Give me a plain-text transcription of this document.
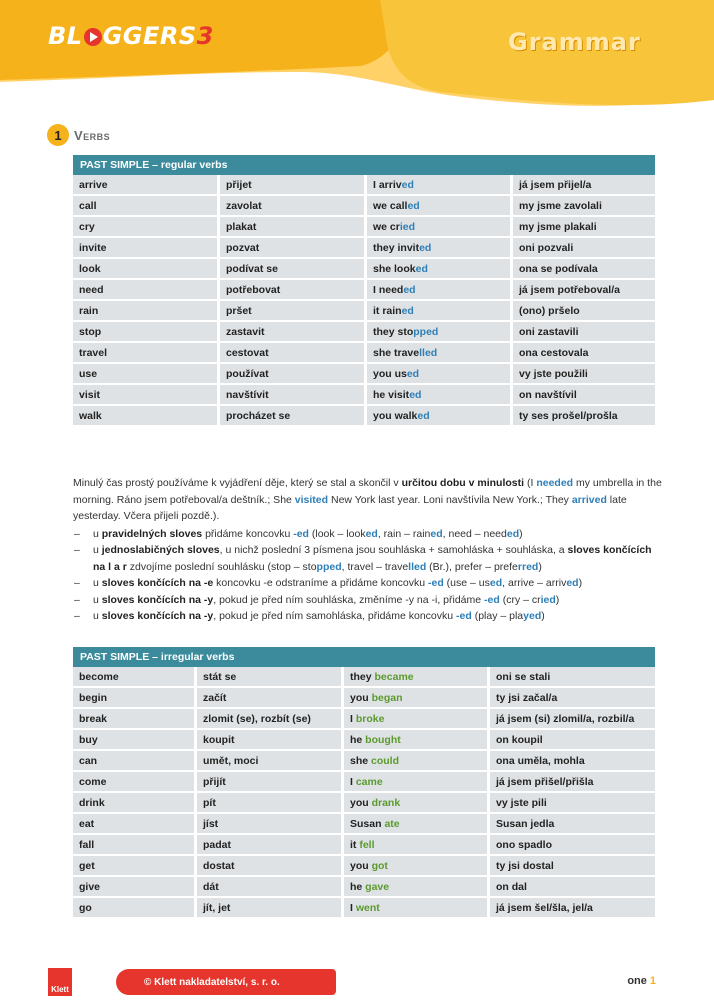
BL GGERS3	Grammar
1 Verbs
PAST SIMPLE – regular verbs			
arrive	přijet	I arrived	já jsem přijel/a
call	zavolat	we called	my jsme zavolali
cry	plakat	we cried	my jsme plakali
invite	pozvat	they invited	oni pozvali
look	podívat se	she looked	ona se podívala
need	potřebovat	I needed	já jsem potřeboval/a
rain	pršet	it rained	(ono) pršelo
stop	zastavit	they stopped	oni zastavili
travel	cestovat	she travelled	ona cestovala
use	používat	you used	vy jste použili
visit	navštívit	he visited	on navštívil
walk	procházet se	you walked	ty ses prošel/prošla

Minulý čas prostý používáme k vyjádření děje, který se stal a skončil v určitou dobu v minulosti (I needed my umbrella in the morning. Ráno jsem potřeboval/a deštník.; She visited New York last year. Loni navštívila New York.; They arrived late yesterday. Včera přijeli pozdě.).

– u pravidelných sloves přidáme koncovku -ed (look – looked, rain – rained, need – needed)
– u jednoslabičných sloves, u nichž poslední 3 písmena jsou souhláska + samohláska + souhláska, a sloves končících na l a r zdvojíme poslední souhlásku (stop – stopped, travel – travelled (Br.), prefer – preferred)
– u sloves končících na -e koncovku -e odstraníme a přidáme koncovku -ed (use – used, arrive – arrived)
– u sloves končících na -y, pokud je před ním souhláska, změníme -y na -i, přidáme -ed (cry – cried)
– u sloves končících na -y, pokud je před ním samohláska, přidáme koncovku -ed (play – played)
PAST SIMPLE – irregular verbs			
become	stát se	they became	oni se stali
begin	začít	you began	ty jsi začal/a
break	zlomit (se), rozbít (se)	I broke	já jsem (si) zlomil/a, rozbil/a
buy	koupit	he bought	on koupil
can	umět, moci	she could	ona uměla, mohla
come	přijít	I came	já jsem přišel/přišla
drink	pít	you drank	vy jste pili
eat	jíst	Susan ate	Susan jedla
fall	padat	it fell	ono spadlo
get	dostat	you got	ty jsi dostal
give	dát	he gave	on dal
go	jít, jet	I went	já jsem šel/šla, jel/a
Klett
© Klett nakladatelství, s. r. o.	one 1
